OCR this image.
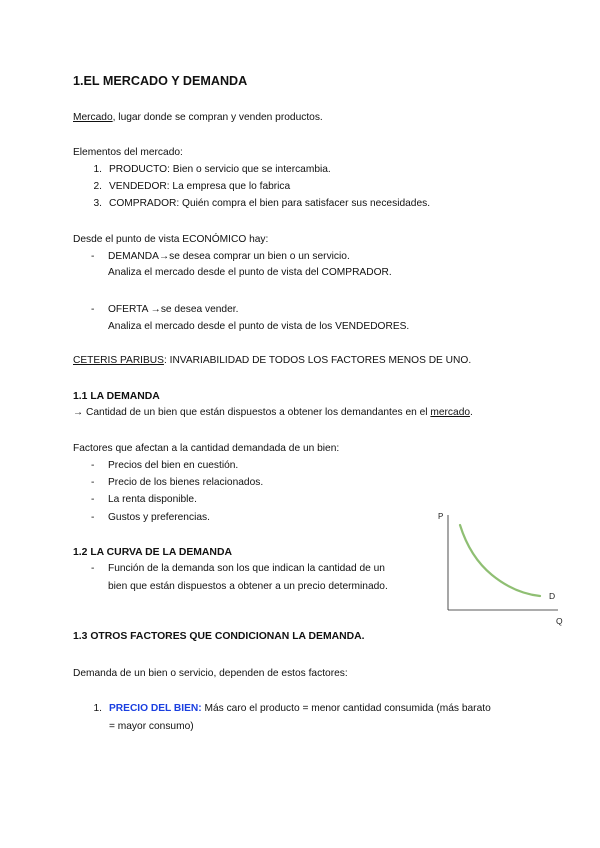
1.EL MERCADO Y DEMANDA
Mercado, lugar donde se compran y venden productos.
Elementos del mercado:
1. PRODUCTO: Bien o servicio que se intercambia.
2. VENDEDOR: La empresa que lo fabrica
3. COMPRADOR: Quién compra el bien para satisfacer sus necesidades.
Desde el punto de vista ECONÓMICO hay:
- DEMANDA→se desea comprar un bien o un servicio.
Analiza el mercado desde el punto de vista del COMPRADOR.
- OFERTA →se desea vender.
Analiza el mercado desde el punto de vista de los VENDEDORES.
CETERIS PARIBUS: INVARIABILIDAD DE TODOS LOS FACTORES MENOS DE UNO.
1.1 LA DEMANDA
→ Cantidad de un bien que están dispuestos a obtener los demandantes en el mercado.
Factores que afectan a la cantidad demandada de un bien:
- Precios del bien en cuestión.
- Precio de los bienes relacionados.
- La renta disponible.
- Gustos y preferencias.
1.2 LA CURVA DE LA DEMANDA
- Función de la demanda son los que indican la cantidad de un
bien que están dispuestos a obtener a un precio determinado.
P
D
Q
1.3 OTROS FACTORES QUE CONDICIONAN LA DEMANDA.
Demanda de un bien o servicio, dependen de estos factores:
1. PRECIO DEL BIEN: Más caro el producto = menor cantidad consumida (más barato
= mayor consumo)
